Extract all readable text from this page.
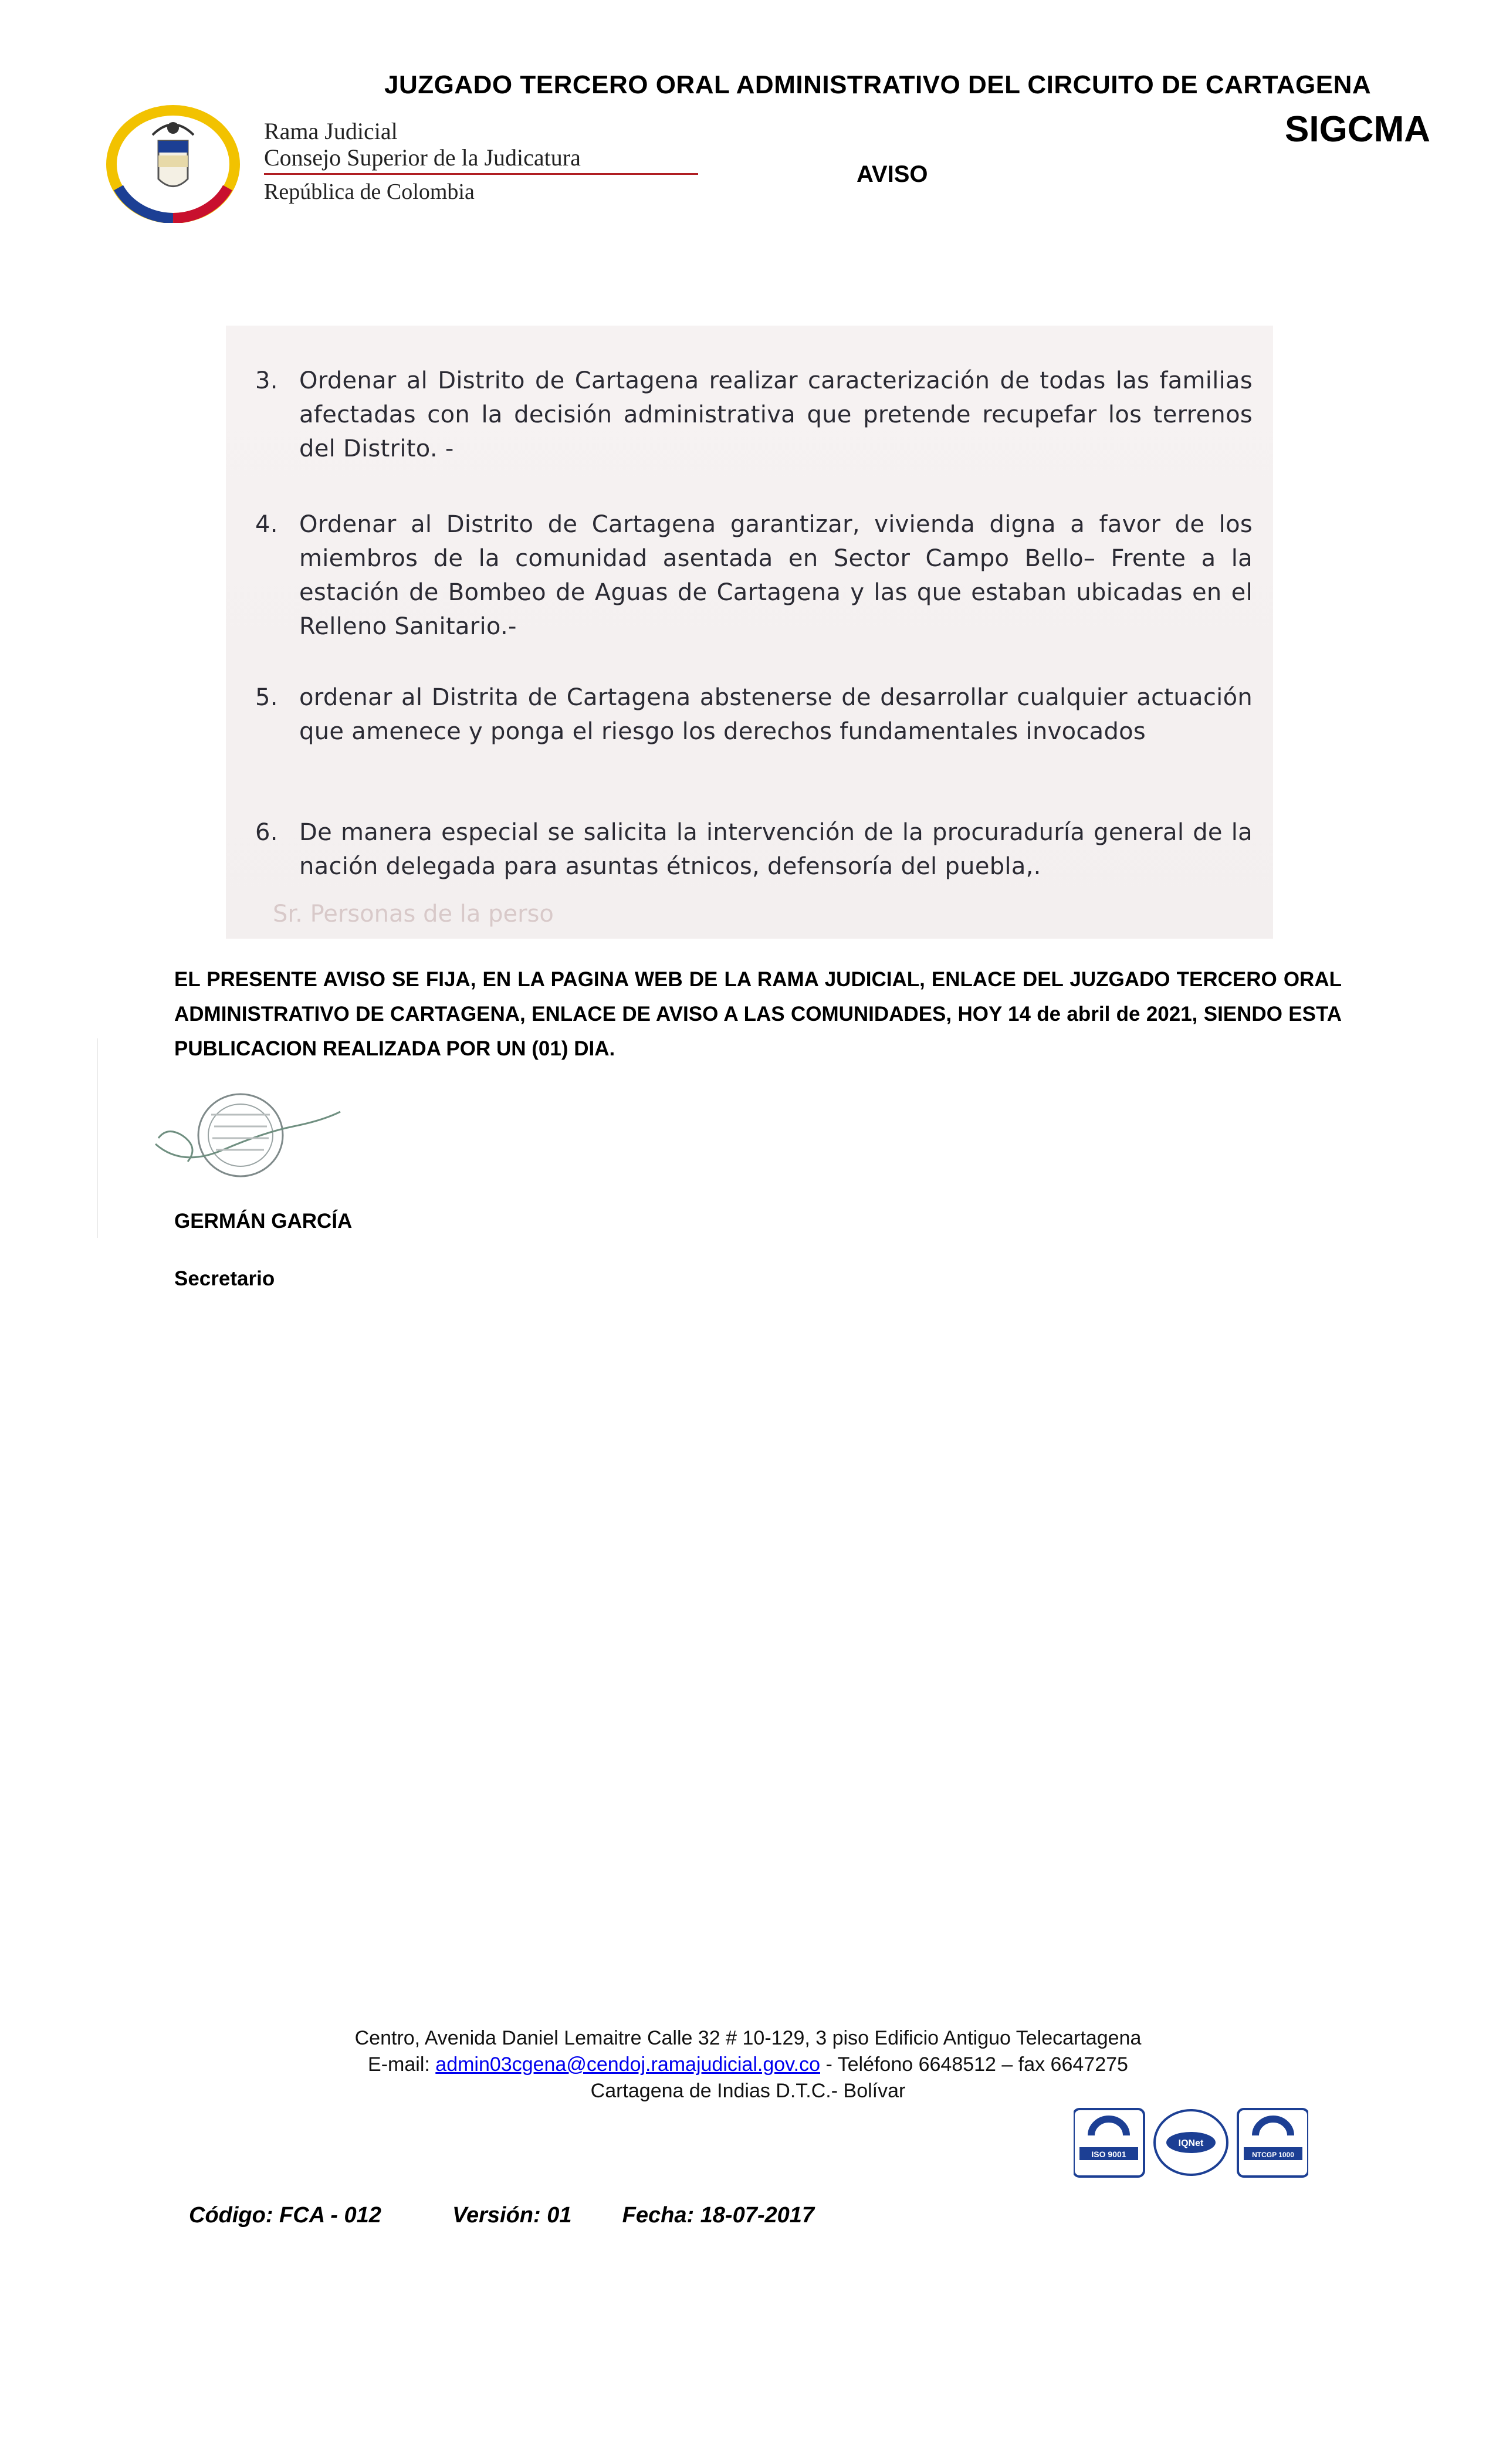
JUZGADO TERCERO ORAL ADMINISTRATIVO DEL CIRCUITO DE CARTAGENA
SIGCMA
AVISO
Rama Judicial
Consejo Superior de la Judicatura
República de Colombia
3. Ordenar al Distrito de Cartagena realizar caracterización de todas las familias afectadas con la decisión administrativa que pretende recupefar los terrenos del Distrito. -
4. Ordenar al Distrito de Cartagena garantizar, vivienda digna a favor de los miembros de la comunidad asentada en Sector Campo Bello– Frente a la estación de Bombeo de Aguas de Cartagena y las que estaban ubicadas en el Relleno Sanitario.-
5. ordenar al Distrita de Cartagena abstenerse de desarrollar cualquier actuación que amenece y ponga el riesgo los derechos fundamentales invocados
6. De manera especial se salicita la intervención de la procuraduría general de la nación delegada para asuntas étnicos, defensoría del puebla,.
Sr. Personas de la perso
EL PRESENTE AVISO SE FIJA, EN LA PAGINA WEB DE LA RAMA JUDICIAL, ENLACE DEL JUZGADO TERCERO ORAL ADMINISTRATIVO DE CARTAGENA, ENLACE DE AVISO A LAS COMUNIDADES, HOY 14 de abril de 2021, SIENDO ESTA PUBLICACION REALIZADA POR UN (01) DIA.
GERMÁN GARCÍA
Secretario
Centro, Avenida Daniel Lemaitre Calle 32 # 10-129, 3 piso Edificio Antiguo Telecartagena
E-mail: admin03cgena@cendoj.ramajudicial.gov.co - Teléfono 6648512 – fax 6647275
Cartagena de Indias D.T.C.- Bolívar
ISO 9001
IQNet
NTCGP 1000
Código: FCA - 012	Versión: 01 Fecha: 18-07-2017
